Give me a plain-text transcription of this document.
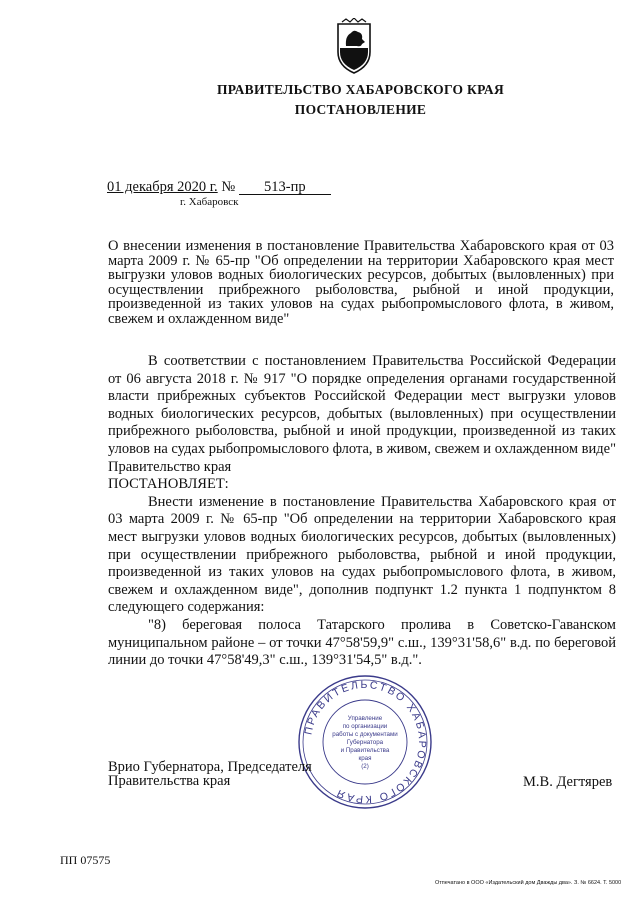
ПРАВИТЕЛЬСТВО ХАБАРОВСКОГО КРАЯ
ПОСТАНОВЛЕНИЕ
01 декабря 2020 г. № 513-пр
г. Хабаровск
О внесении изменения в постановление Правительства Хабаровского края от 03 марта 2009 г. № 65-пр "Об определении на территории Хабаровского края мест выгрузки уловов водных биологических ресурсов, добытых (выловленных) при осуществлении прибрежного рыболовства, рыбной и иной продукции, произведенной из таких уловов на судах рыбопромыслового флота, в живом, свежем и охлажденном виде"

В соответствии с постановлением Правительства Российской Федерации от 06 августа 2018 г. № 917 "О порядке определения органами государственной власти прибрежных субъектов Российской Федерации мест выгрузки уловов водных биологических ресурсов, добытых (выловленных) при осуществлении прибрежного рыболовства, рыбной и иной продукции, произведенной из таких уловов на судах рыбопромыслового флота, в живом, свежем и охлажденном виде" Правительство края

ПОСТАНОВЛЯЕТ:

Внести изменение в постановление Правительства Хабаровского края от 03 марта 2009 г. № 65-пр "Об определении на территории Хабаровского края мест выгрузки уловов водных биологических ресурсов, добытых (выловленных) при осуществлении прибрежного рыболовства, рыбной и иной продукции, произведенной из таких уловов на судах рыбопромыслового флота, в живом, свежем и охлажденном виде", дополнив подпункт 1.2 пункта 1 подпунктом 8 следующего содержания:

"8) береговая полоса Татарского пролива в Советско-Гаванском муниципальном районе – от точки 47°58'59,9" с.ш., 139°31'58,6" в.д. по береговой линии до точки 47°58'49,3" с.ш., 139°31'54,5" в.д.".

ПРАВИТЕЛЬСТВО ХАБАРОВСКОГО КРАЯ
Управление
по организации
работы с документами
Губернатора
и Правительства
края
(2)
Врио Губернатора, Председателя
Правительства края	М.В. Дегтярев
ПП 07575
Отпечатано в ООО «Издательский дом Дважды два». З. № 6624. Т. 5000
